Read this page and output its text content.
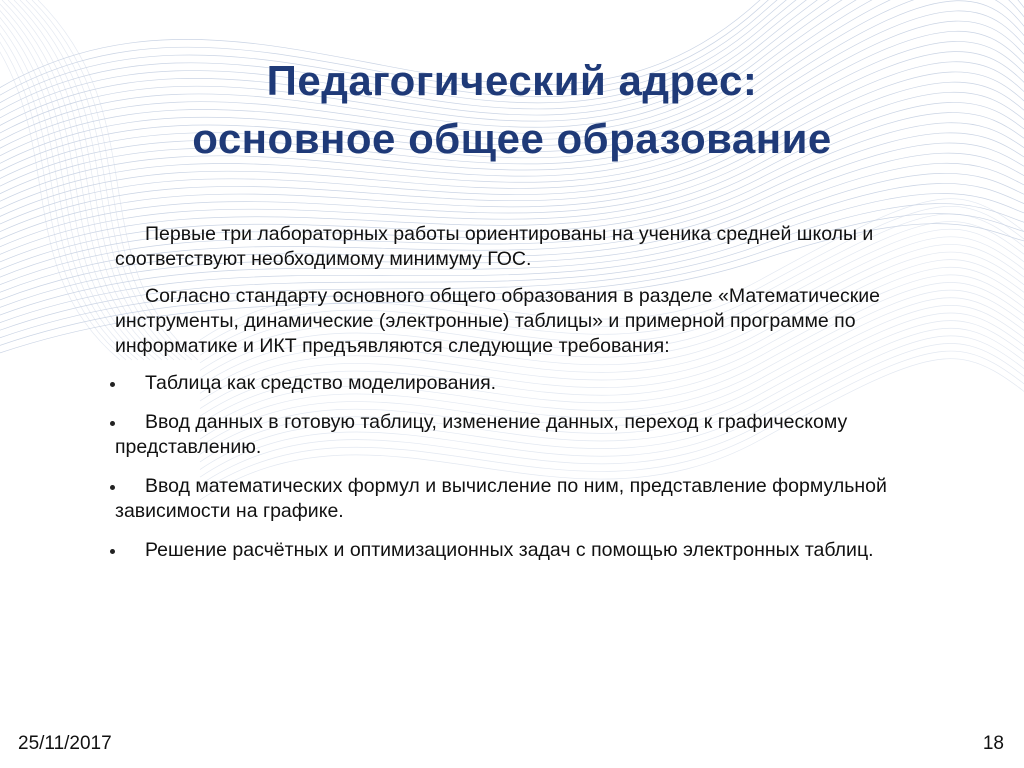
Педагогический адрес:
основное общее образование

Первые три лабораторных работы ориентированы на ученика средней школы и соответствуют необходимому минимуму ГОС.

Согласно стандарту основного общего образования в разделе «Математические инструменты, динамические (электронные) таблицы» и примерной программе по информатике и ИКТ предъявляются следующие требования:

Таблица как средство моделирования.
Ввод данных в готовую таблицу, изменение данных, переход к графическому представлению.
Ввод математических формул и вычисление по ним, представление формульной зависимости на графике.
Решение расчётных и оптимизационных задач с помощью электронных таблиц.
25/11/2017	18
